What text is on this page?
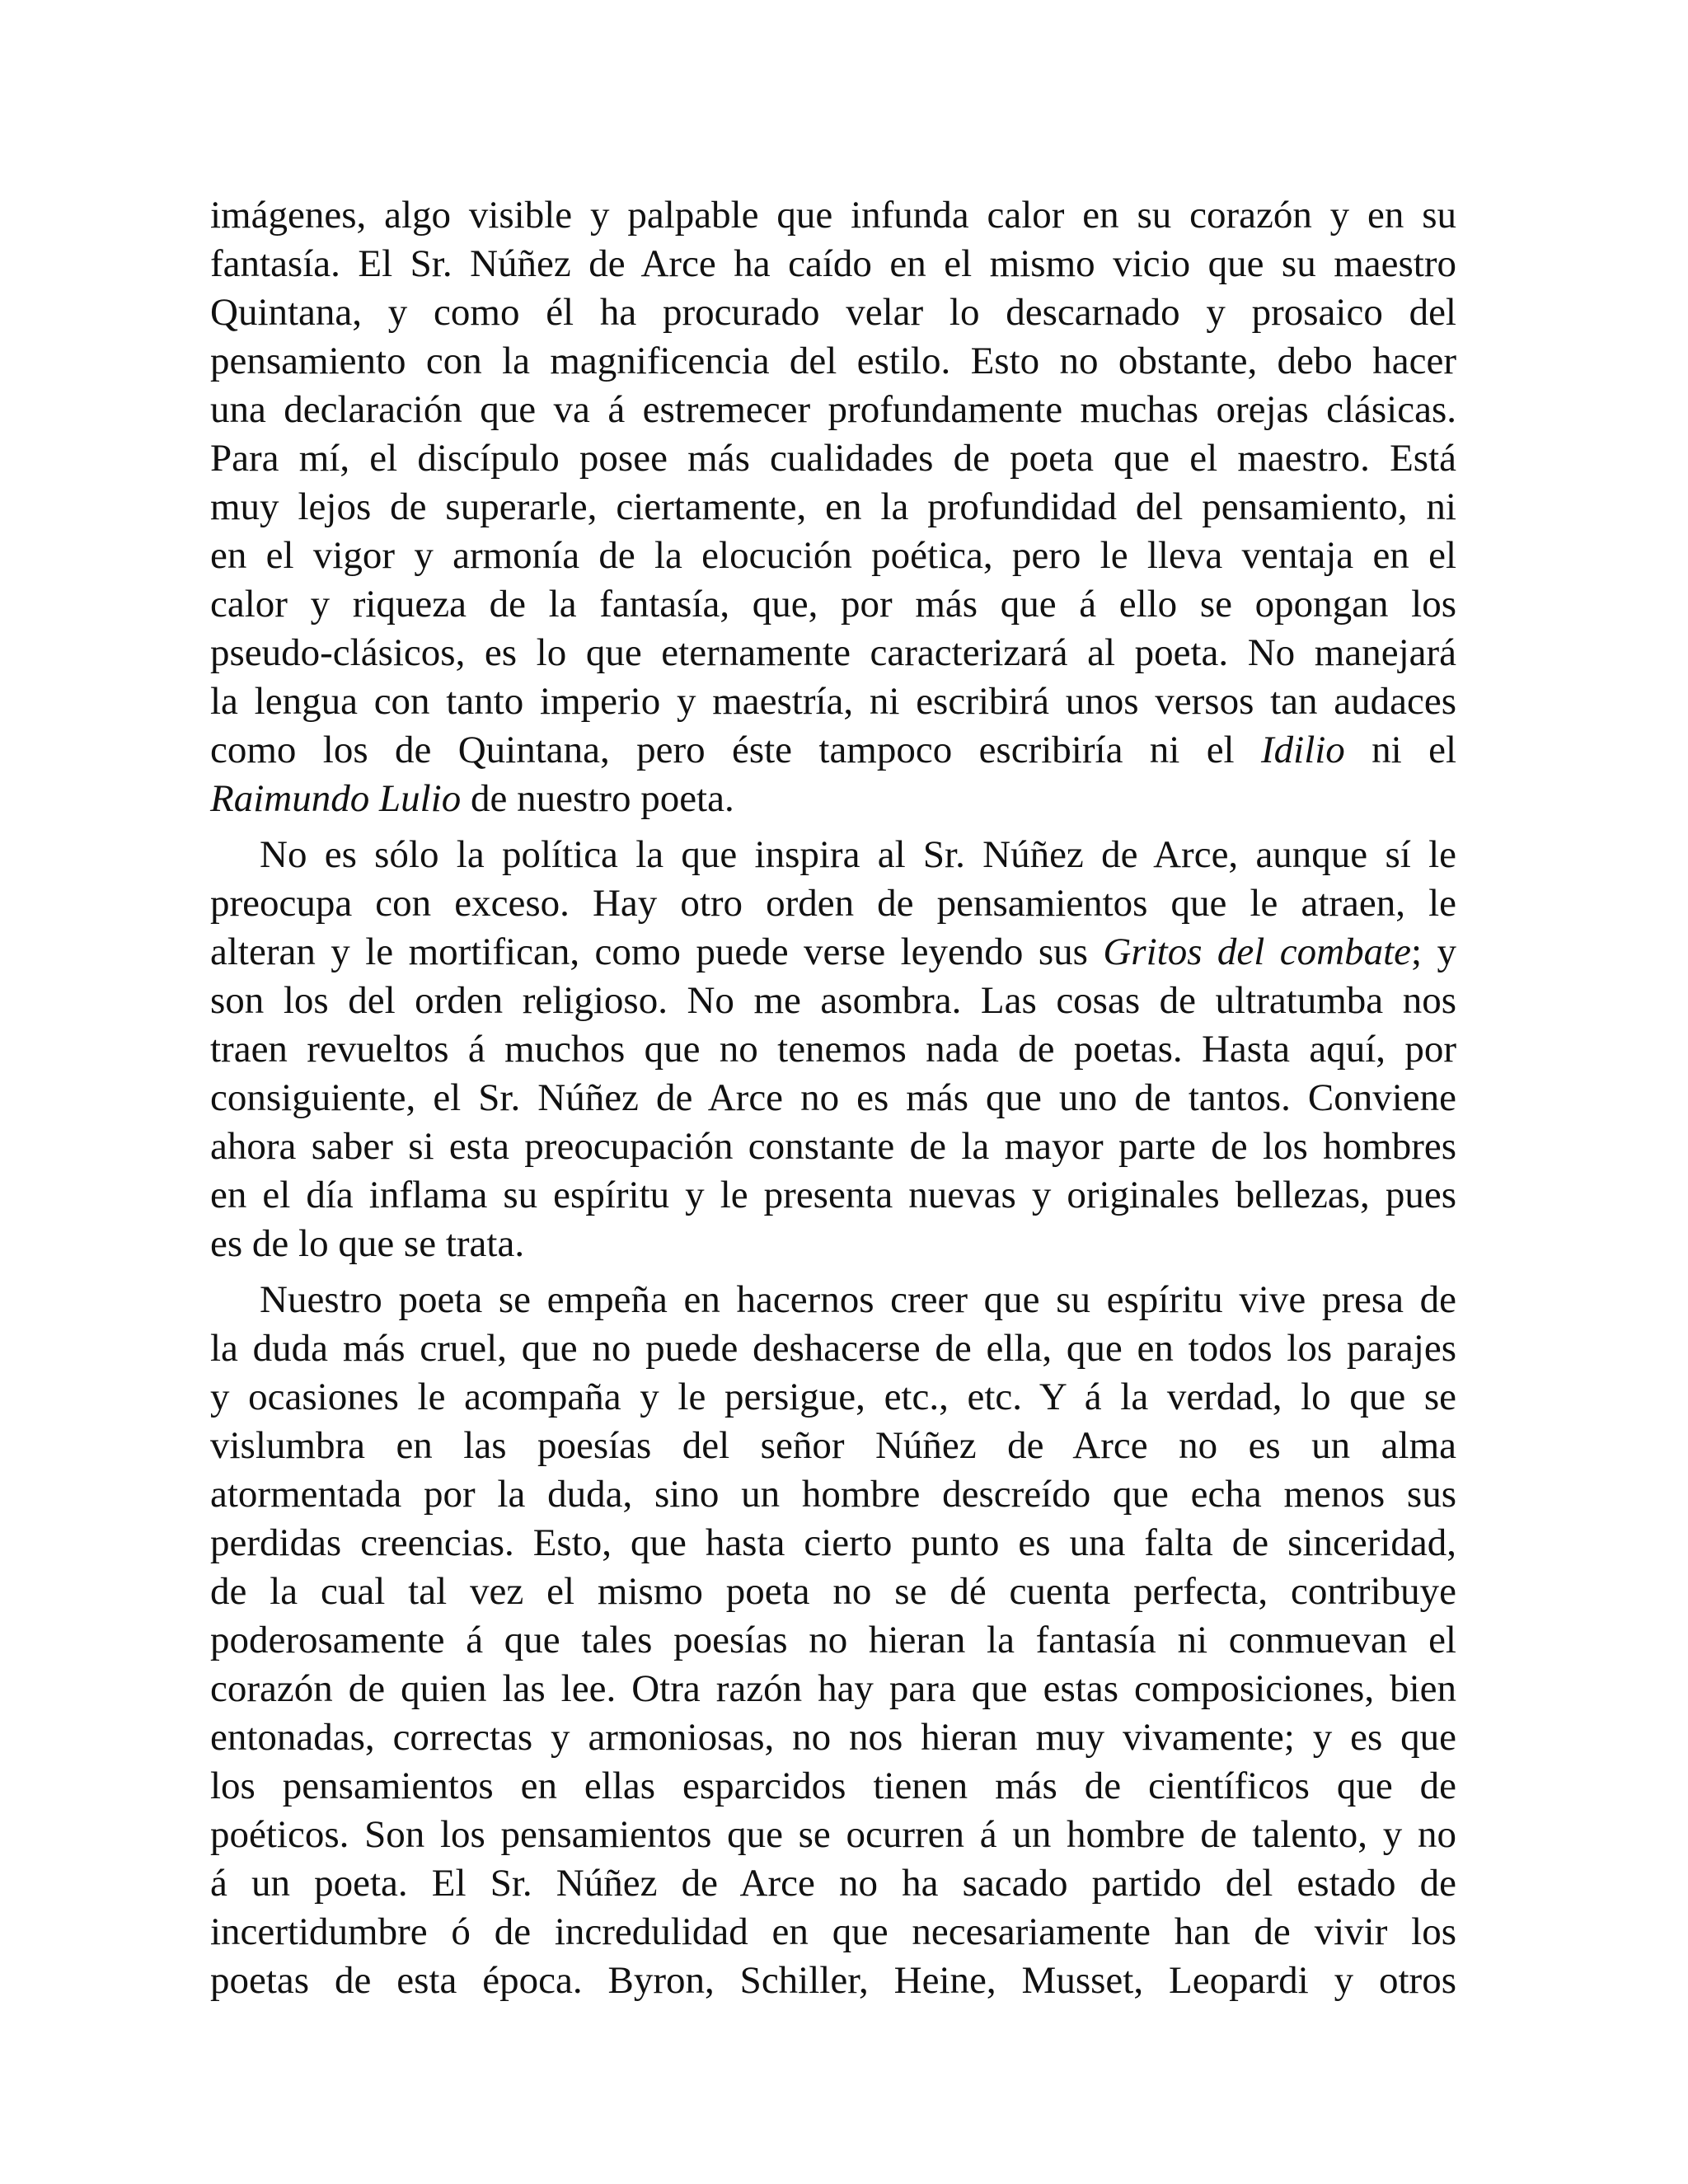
imágenes, algo visible y palpable que infunda calor en su corazón y en su
fantasía. El Sr. Núñez de Arce ha caído en el mismo vicio que su maestro
Quintana, y como él ha procurado velar lo descarnado y prosaico del
pensamiento con la magnificencia del estilo. Esto no obstante, debo hacer
una declaración que va á estremecer profundamente muchas orejas clásicas.
Para mí, el discípulo posee más cualidades de poeta que el maestro. Está
muy lejos de superarle, ciertamente, en la profundidad del pensamiento, ni
en el vigor y armonía de la elocución poética, pero le lleva ventaja en el
calor y riqueza de la fantasía, que, por más que á ello se opongan los
pseudo-clásicos, es lo que eternamente caracterizará al poeta. No manejará
la lengua con tanto imperio y maestría, ni escribirá unos versos tan audaces
como los de Quintana, pero éste tampoco escribiría ni el Idilio ni el
Raimundo Lulio de nuestro poeta.
No es sólo la política la que inspira al Sr. Núñez de Arce, aunque sí le
preocupa con exceso. Hay otro orden de pensamientos que le atraen, le
alteran y le mortifican, como puede verse leyendo sus Gritos del combate; y
son los del orden religioso. No me asombra. Las cosas de ultratumba nos
traen revueltos á muchos que no tenemos nada de poetas. Hasta aquí, por
consiguiente, el Sr. Núñez de Arce no es más que uno de tantos. Conviene
ahora saber si esta preocupación constante de la mayor parte de los hombres
en el día inflama su espíritu y le presenta nuevas y originales bellezas, pues
es de lo que se trata.
Nuestro poeta se empeña en hacernos creer que su espíritu vive presa de
la duda más cruel, que no puede deshacerse de ella, que en todos los parajes
y ocasiones le acompaña y le persigue, etc., etc. Y á la verdad, lo que se
vislumbra en las poesías del señor Núñez de Arce no es un alma
atormentada por la duda, sino un hombre descreído que echa menos sus
perdidas creencias. Esto, que hasta cierto punto es una falta de sinceridad,
de la cual tal vez el mismo poeta no se dé cuenta perfecta, contribuye
poderosamente á que tales poesías no hieran la fantasía ni conmuevan el
corazón de quien las lee. Otra razón hay para que estas composiciones, bien
entonadas, correctas y armoniosas, no nos hieran muy vivamente; y es que
los pensamientos en ellas esparcidos tienen más de científicos que de
poéticos. Son los pensamientos que se ocurren á un hombre de talento, y no
á un poeta. El Sr. Núñez de Arce no ha sacado partido del estado de
incertidumbre ó de incredulidad en que necesariamente han de vivir los
poetas de esta época. Byron, Schiller, Heine, Musset, Leopardi y otros
